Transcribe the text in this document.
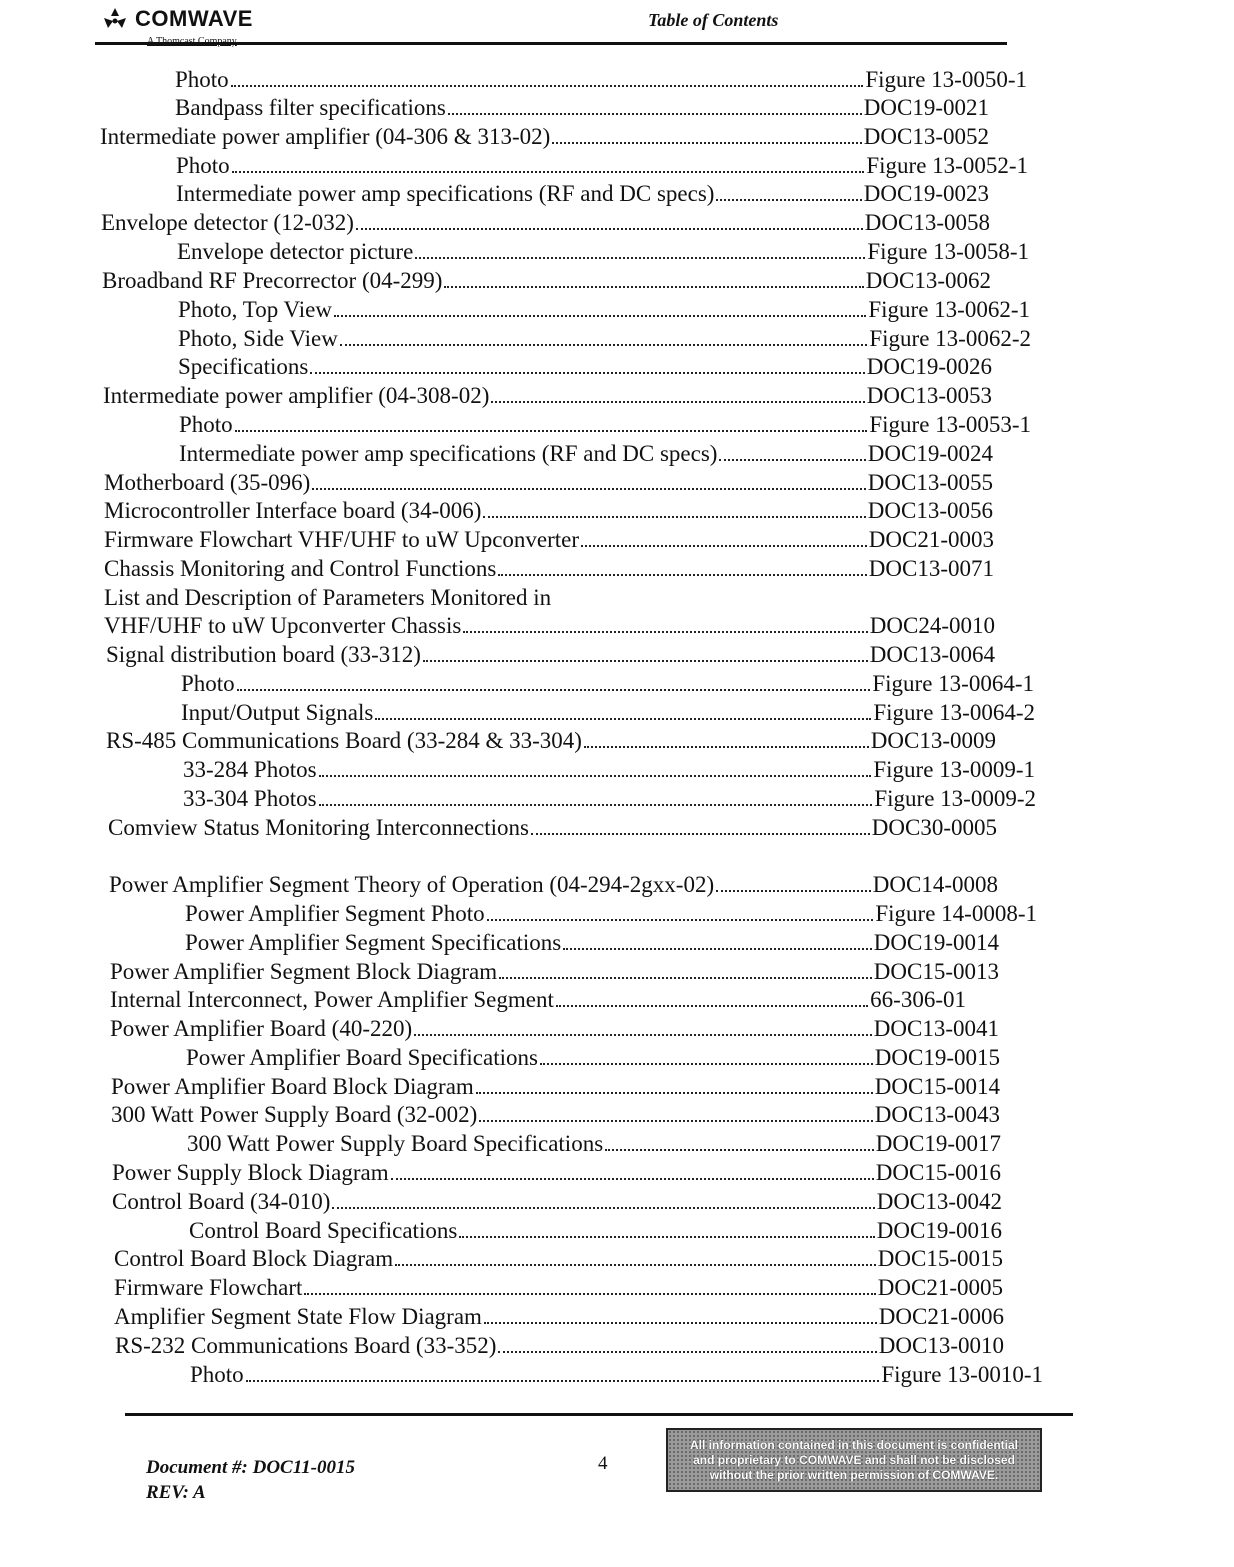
COMWAVE	Table of Contents
Photo	Figure 13-0050-1
Bandpass filter specifications	DOC19-0021
Intermediate power amplifier (04-306 & 313-02)	DOC13-0052
Photo	Figure 13-0052-1
Intermediate power amp specifications (RF and DC specs)	DOC19-0023
Envelope detector (12-032)	DOC13-0058
Envelope detector picture	Figure 13-0058-1
Broadband RF Precorrector (04-299)	DOC13-0062
Photo, Top View	Figure 13-0062-1
Photo, Side View	Figure 13-0062-2
Specifications	DOC19-0026
Intermediate power amplifier (04-308-02)	DOC13-0053
Photo	Figure 13-0053-1
Intermediate power amp specifications (RF and DC specs)	DOC19-0024
Motherboard (35-096)	DOC13-0055
Microcontroller Interface board (34-006)	DOC13-0056
Firmware Flowchart VHF/UHF to uW Upconverter	DOC21-0003
Chassis Monitoring and Control Functions	DOC13-0071
List and Description of Parameters Monitored in
VHF/UHF to uW Upconverter Chassis	DOC24-0010
Signal distribution board (33-312)	DOC13-0064
Photo	Figure 13-0064-1
Input/Output Signals	Figure 13-0064-2
RS-485 Communications Board (33-284 & 33-304)	DOC13-0009
33-284 Photos	Figure 13-0009-1
33-304 Photos	Figure 13-0009-2
Comview Status Monitoring Interconnections	DOC30-0005
Power Amplifier Segment Theory of Operation (04-294-2gxx-02)	DOC14-0008
Power Amplifier Segment Photo	Figure 14-0008-1
Power Amplifier Segment Specifications	DOC19-0014
Power Amplifier Segment Block Diagram	DOC15-0013
Internal Interconnect, Power Amplifier Segment	66-306-01
Power Amplifier Board (40-220)	DOC13-0041
Power Amplifier Board Specifications	DOC19-0015
Power Amplifier Board Block Diagram	DOC15-0014
300 Watt Power Supply Board (32-002)	DOC13-0043
300 Watt Power Supply Board Specifications	DOC19-0017
Power Supply Block Diagram	DOC15-0016
Control Board (34-010)	DOC13-0042
Control Board Specifications	DOC19-0016
Control Board Block Diagram	DOC15-0015
Firmware Flowchart	DOC21-0005
Amplifier Segment State Flow Diagram	DOC21-0006
RS-232 Communications Board (33-352)	DOC13-0010
Photo	Figure 13-0010-1
Document #: DOC11-0015
REV: A
4
All information contained in this document is confidential and proprietary to COMWAVE and shall not be disclosed without the prior written permission of COMWAVE.
